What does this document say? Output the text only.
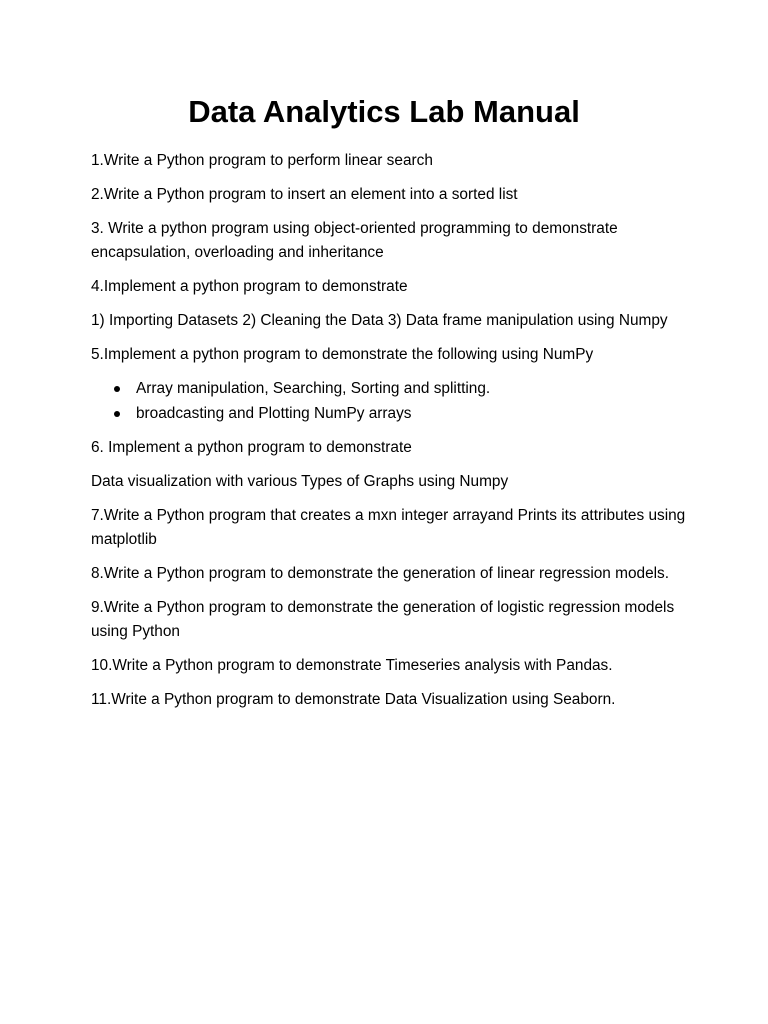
Data Analytics Lab Manual

1.Write a Python program to perform linear search

2.Write a Python program to insert an element into a sorted list

3. Write a python program using object-oriented programming to demonstrate encapsulation, overloading and inheritance

4.Implement a python program to demonstrate

1) Importing Datasets 2) Cleaning the Data 3) Data frame manipulation using Numpy

5.Implement a python program to demonstrate the following using NumPy

Array manipulation, Searching, Sorting and splitting.
broadcasting and Plotting NumPy arrays

6. Implement a python program to demonstrate

Data visualization with various Types of Graphs using Numpy

7.Write a Python program that creates a mxn integer arrayand Prints its attributes using matplotlib

8.Write a Python program to demonstrate the generation of linear regression models.

9.Write a Python program to demonstrate the generation of logistic regression models using Python

10.Write a Python program to demonstrate Timeseries analysis with Pandas.

11.Write a Python program to demonstrate Data Visualization using Seaborn.
